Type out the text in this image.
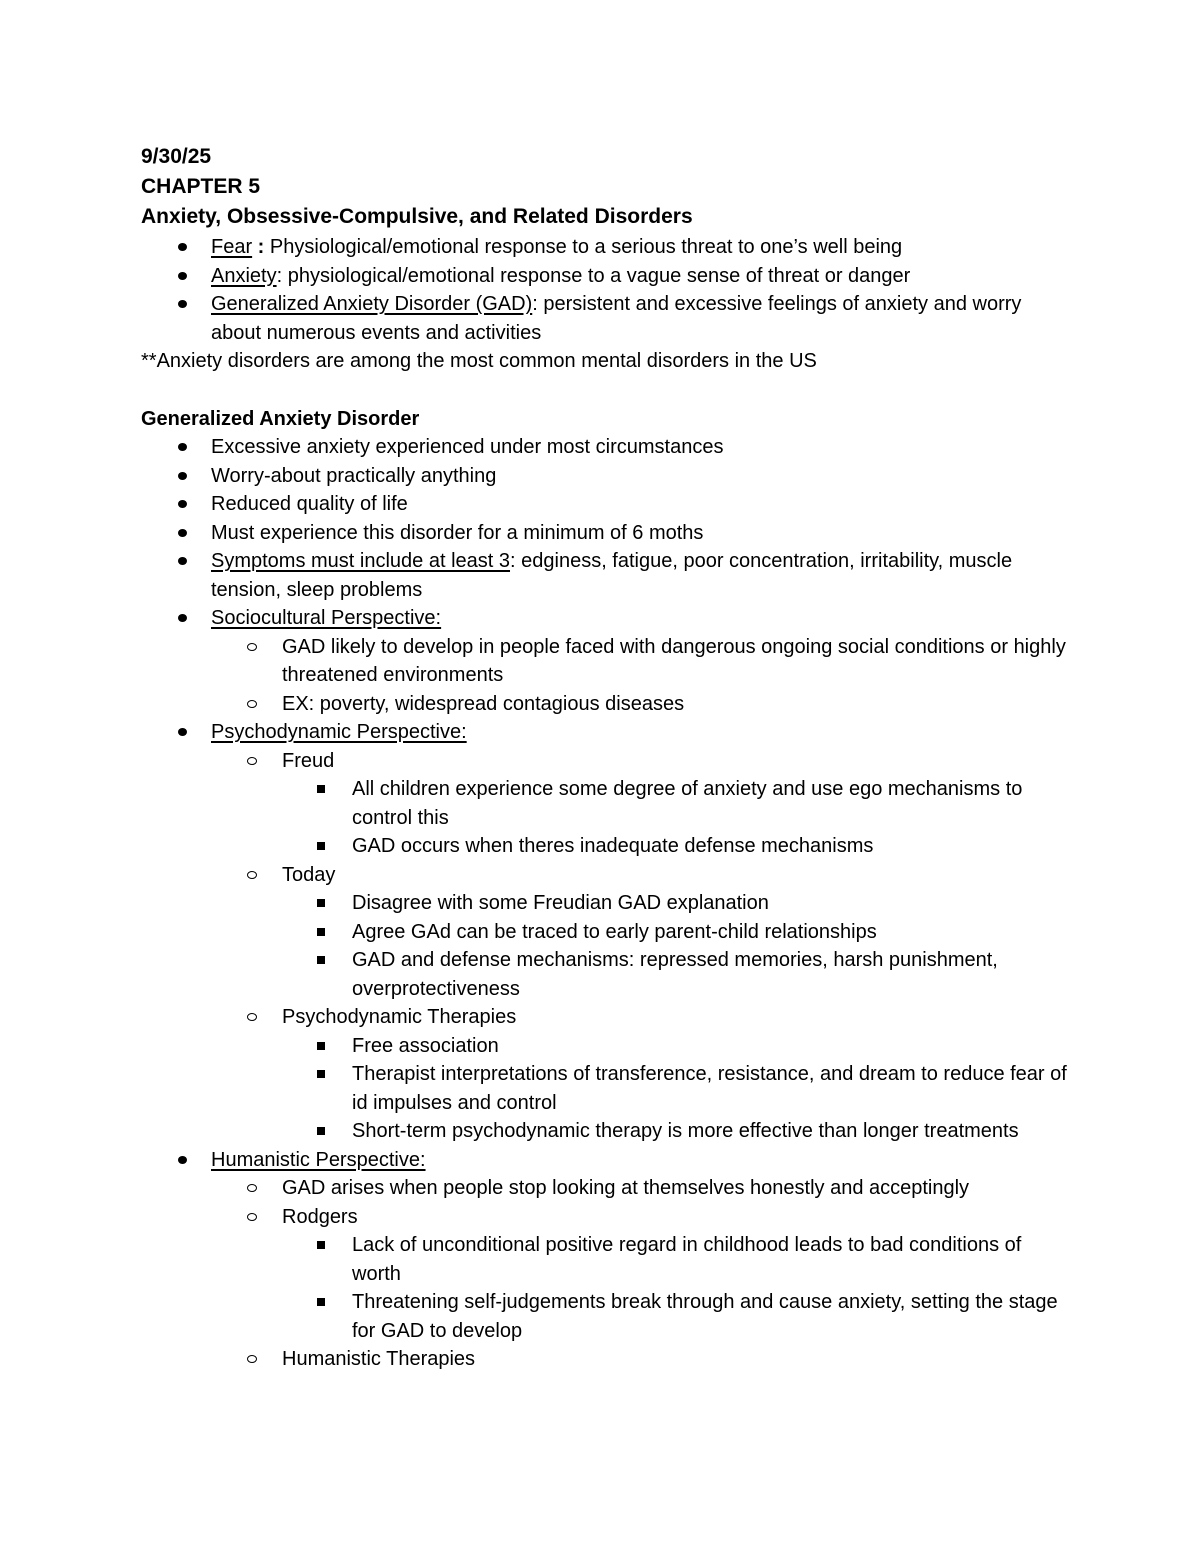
9/30/25
CHAPTER 5
Anxiety, Obsessive-Compulsive, and Related Disorders
Fear : Physiological/emotional response to a serious threat to one’s well being
Anxiety: physiological/emotional response to a vague sense of threat or danger
Generalized Anxiety Disorder (GAD): persistent and excessive feelings of anxiety and worry about numerous events and activities
**Anxiety disorders are among the most common mental disorders in the US
Generalized Anxiety Disorder
Excessive anxiety experienced under most circumstances
Worry-about practically anything
Reduced quality of life
Must experience this disorder for a minimum of 6 moths
Symptoms must include at least 3: edginess, fatigue, poor concentration, irritability, muscle tension, sleep problems
Sociocultural Perspective:
GAD likely to develop in people faced with dangerous ongoing social conditions or highly threatened environments
EX: poverty, widespread contagious diseases
Psychodynamic Perspective:
Freud
All children experience some degree of anxiety and use ego mechanisms to control this
GAD occurs when theres inadequate defense mechanisms
Today
Disagree with some Freudian GAD explanation
Agree GAd can be traced to early parent-child relationships
GAD and defense mechanisms: repressed memories, harsh punishment, overprotectiveness
Psychodynamic Therapies
Free association
Therapist interpretations of transference, resistance, and dream to reduce fear of id impulses and control
Short-term psychodynamic therapy is more effective than longer treatments
Humanistic Perspective:
GAD arises when people stop looking at themselves honestly and acceptingly
Rodgers
Lack of unconditional positive regard in childhood leads to bad conditions of worth
Threatening self-judgements break through and cause anxiety, setting the stage for GAD to develop
Humanistic Therapies
